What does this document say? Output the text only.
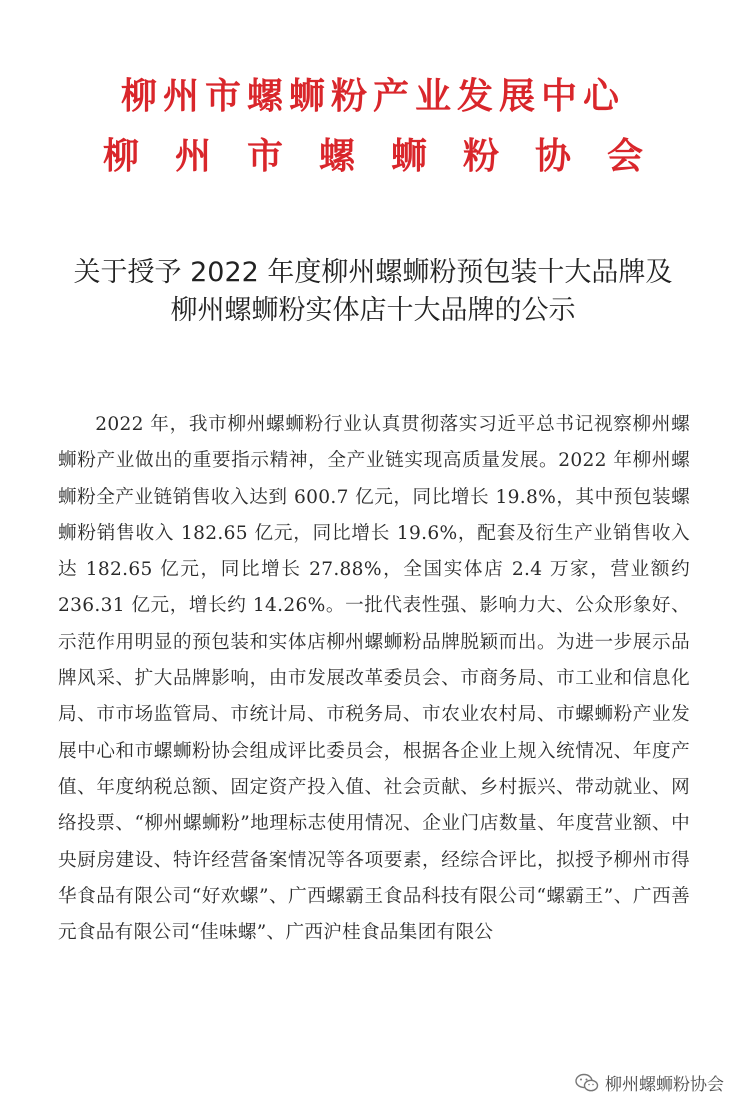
柳州市螺蛳粉产业发展中心
柳州市螺蛳粉协会
关于授予 2022 年度柳州螺蛳粉预包装十大品牌及
柳州螺蛳粉实体店十大品牌的公示
2022 年，我市柳州螺蛳粉行业认真贯彻落实习近平总书记视察柳州螺蛳粉产业做出的重要指示精神，全产业链实现高质量发展。2022 年柳州螺蛳粉全产业链销售收入达到 600.7 亿元，同比增长 19.8%，其中预包装螺蛳粉销售收入 182.65 亿元，同比增长 19.6%，配套及衍生产业销售收入达 182.65 亿元，同比增长 27.88%，全国实体店 2.4 万家，营业额约 236.31 亿元，增长约 14.26%。一批代表性强、影响力大、公众形象好、示范作用明显的预包装和实体店柳州螺蛳粉品牌脱颖而出。为进一步展示品牌风采、扩大品牌影响，由市发展改革委员会、市商务局、市工业和信息化局、市市场监管局、市统计局、市税务局、市农业农村局、市螺蛳粉产业发展中心和市螺蛳粉协会组成评比委员会，根据各企业上规入统情况、年度产值、年度纳税总额、固定资产投入值、社会贡献、乡村振兴、带动就业、网络投票、“柳州螺蛳粉”地理标志使用情况、企业门店数量、年度营业额、中央厨房建设、特许经营备案情况等各项要素，经综合评比，拟授予柳州市得华食品有限公司“好欢螺”、广西螺霸王食品科技有限公司“螺霸王”、广西善元食品有限公司“佳味螺”、广西沪桂食品集团有限公
柳州螺蛳粉协会
